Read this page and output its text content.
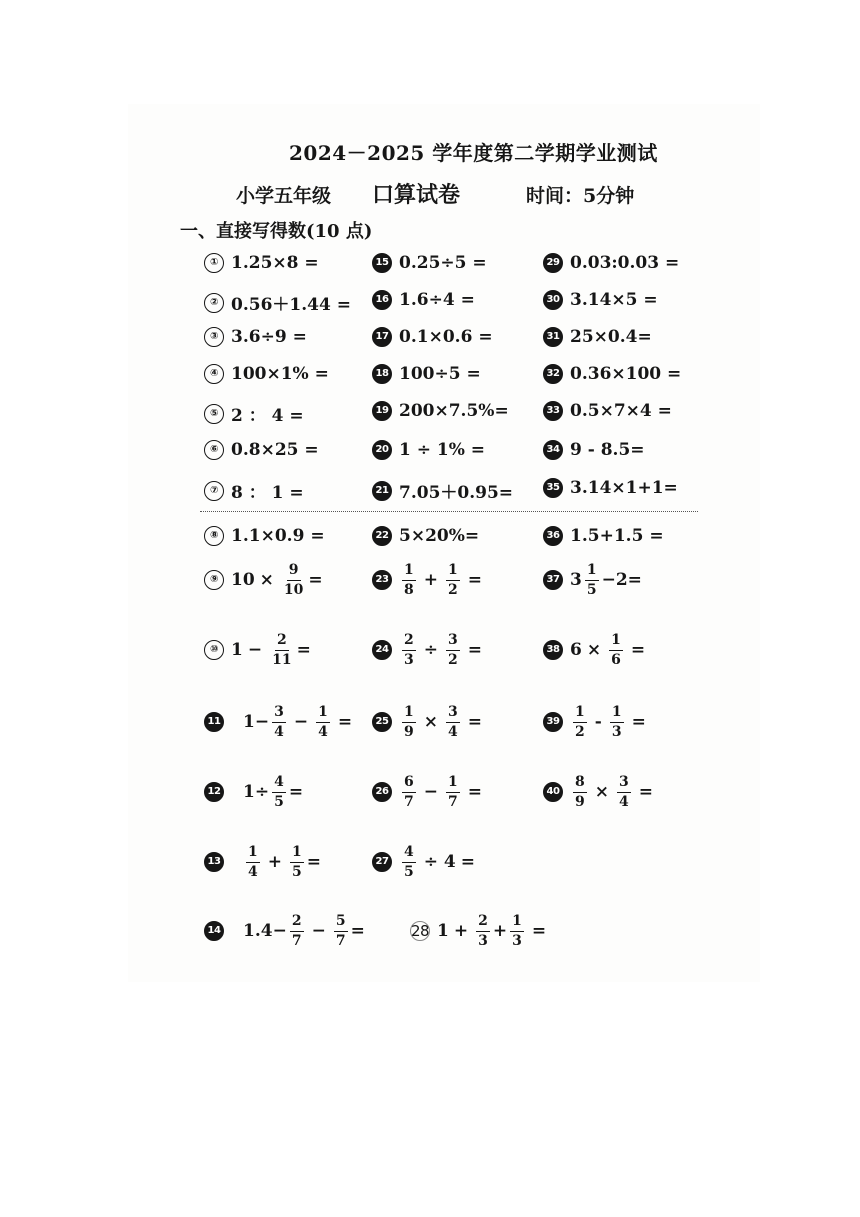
2024－2025 学年度第二学期学业测试
小学五年级 口算试卷	时间：5分钟
一、直接写得数(10 点)
① 1.25×8 =
② 0.56＋1.44 =
③ 3.6÷9 =
④ 100×1% =
⑤ 2 ： 4 =
⑥ 0.8×25 =
⑦ 8 ： 1 =
⑧ 1.1×0.9 =
⑨ $10 \times \frac{9}{10}$ =
⑩ $1 - \frac{2}{11}$ =
11 $1- \frac{3}{4} - \frac{1}{4}$ =
12 $1\div \frac{4}{5}$ =
$13 \frac{1}{4} + \frac{1}{5}$ =
14 $1.4- \frac{2}{7} - \frac{5}{7}$ =
15 0.25÷5 =
16 1.6÷4 =
17 0.1×0.6 =
18 100÷5 =
19 200×7.5%=
20 1 ÷ 1% =
21 7.05＋0.95=
22 5×20%=
$23 \frac{1}{8} + \frac{1}{2}$ =
$24 \frac{2}{3} \div \frac{3}{2}$ =
$25 \frac{1}{9} \times \frac{3}{4}$ =
$26 \frac{6}{7} - \frac{1}{7}$ =
$27 \frac{4}{5} \div 4$ =
28 $1 + \frac{2}{3} + \frac{1}{3}$ =
29 0.03:0.03 =
30 3.14×5 =
31 25×0.4=
32 0.36×100 =
33 0.5×7×4 =
34 9 - 8.5=
35 3.14×1+1=
36 1.5+1.5 =
37 $3 \frac{1}{5} -2=$
38 $6 \times \frac{1}{6}$ =
$39 \frac{1}{2} - \frac{1}{3}$ =
$40 \frac{8}{9} \times \frac{3}{4}$ =
